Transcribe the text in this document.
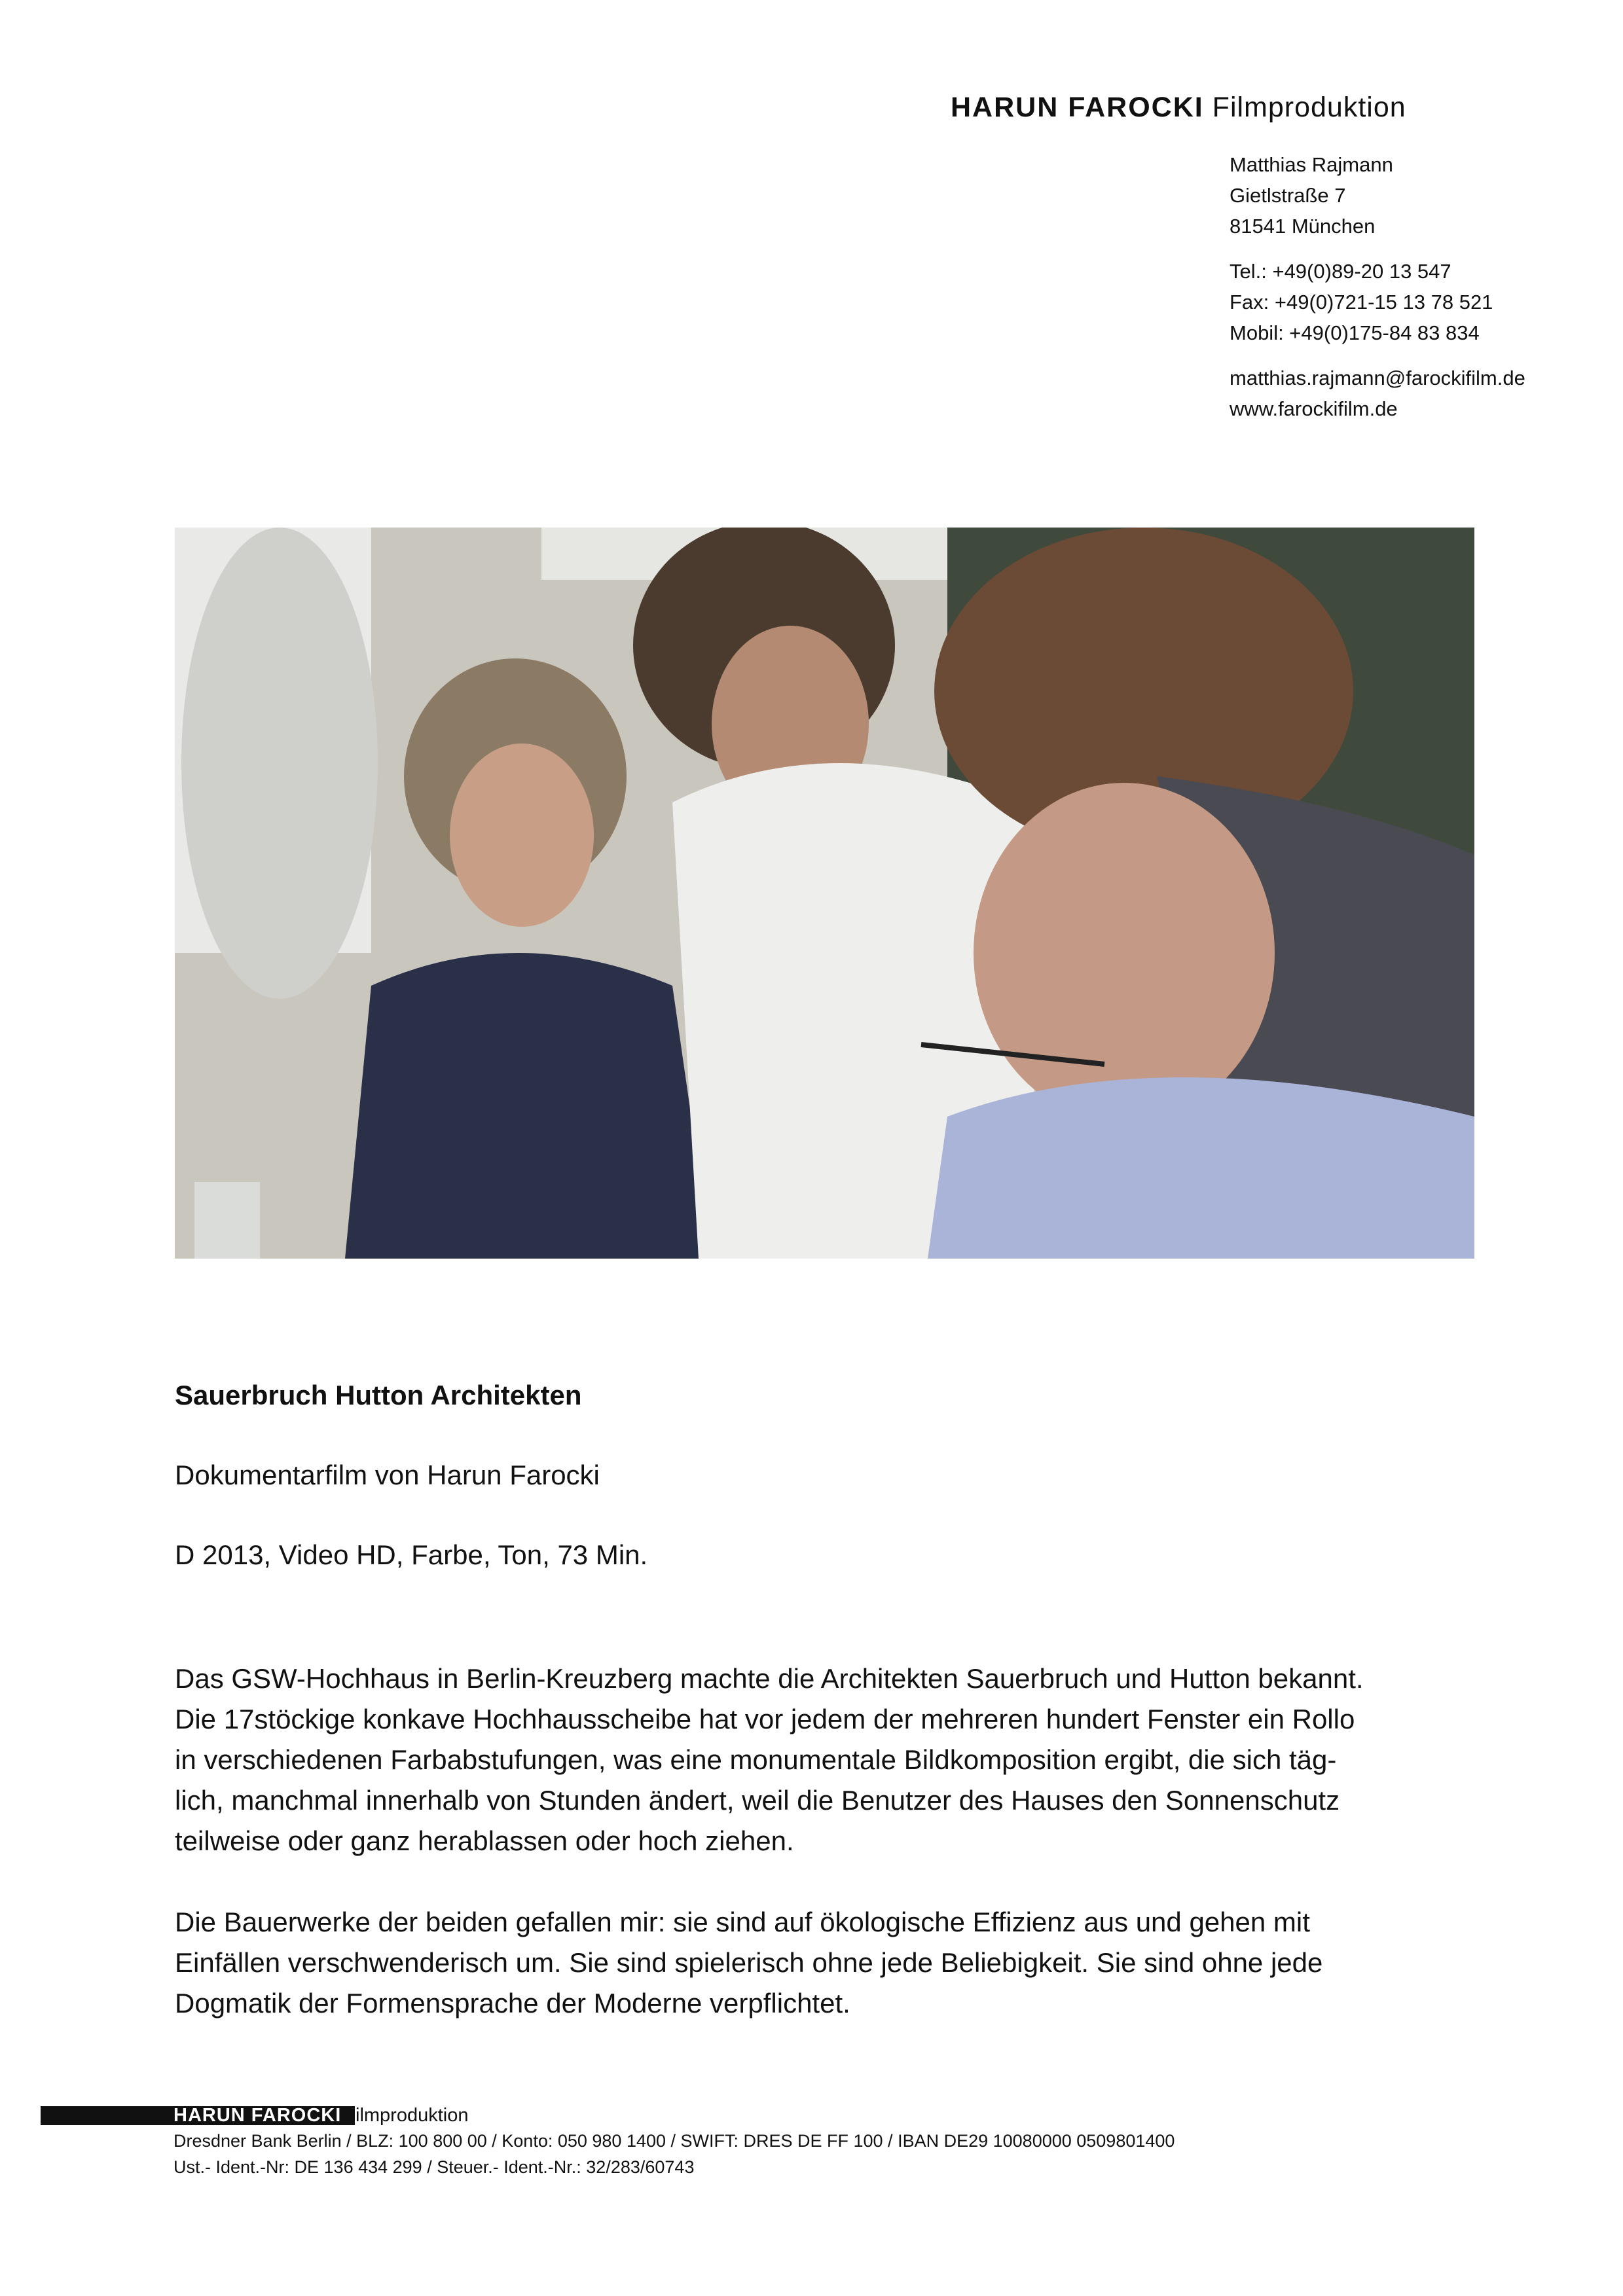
HARUN FAROCKI Filmproduktion
Matthias Rajmann
Gietlstraße 7
81541 München
Tel.: +49(0)89-20 13 547
Fax: +49(0)721-15 13 78 521
Mobil: +49(0)175-84 83 834
matthias.rajmann@farockifilm.de
www.farockifilm.de
Sauerbruch Hutton Architekten
Dokumentarfilm von Harun Farocki
D 2013, Video HD, Farbe, Ton, 73 Min.
Das GSW-Hochhaus in Berlin-Kreuzberg machte die Architekten Sauerbruch und Hutton bekannt.
Die 17stöckige konkave Hochhausscheibe hat vor jedem der mehreren hundert Fenster ein Rollo
in verschiedenen Farbabstufungen, was eine monumentale Bildkomposition ergibt, die sich täg-
lich, manchmal innerhalb von Stunden ändert, weil die Benutzer des Hauses den Sonnenschutz
teilweise oder ganz herablassen oder hoch ziehen.
Die Bauerwerke der beiden gefallen mir: sie sind auf ökologische Effizienz aus und gehen mit
Einfällen verschwenderisch um. Sie sind spielerisch ohne jede Beliebigkeit. Sie sind ohne jede
Dogmatik der Formensprache der Moderne verpflichtet.
HARUN FAROCKI Filmproduktion
Dresdner Bank Berlin / BLZ: 100 800 00 / Konto: 050 980 1400 / SWIFT: DRES DE FF 100 / IBAN DE29 10080000 0509801400
Ust.- Ident.-Nr: DE 136 434 299 / Steuer.- Ident.-Nr.: 32/283/60743
